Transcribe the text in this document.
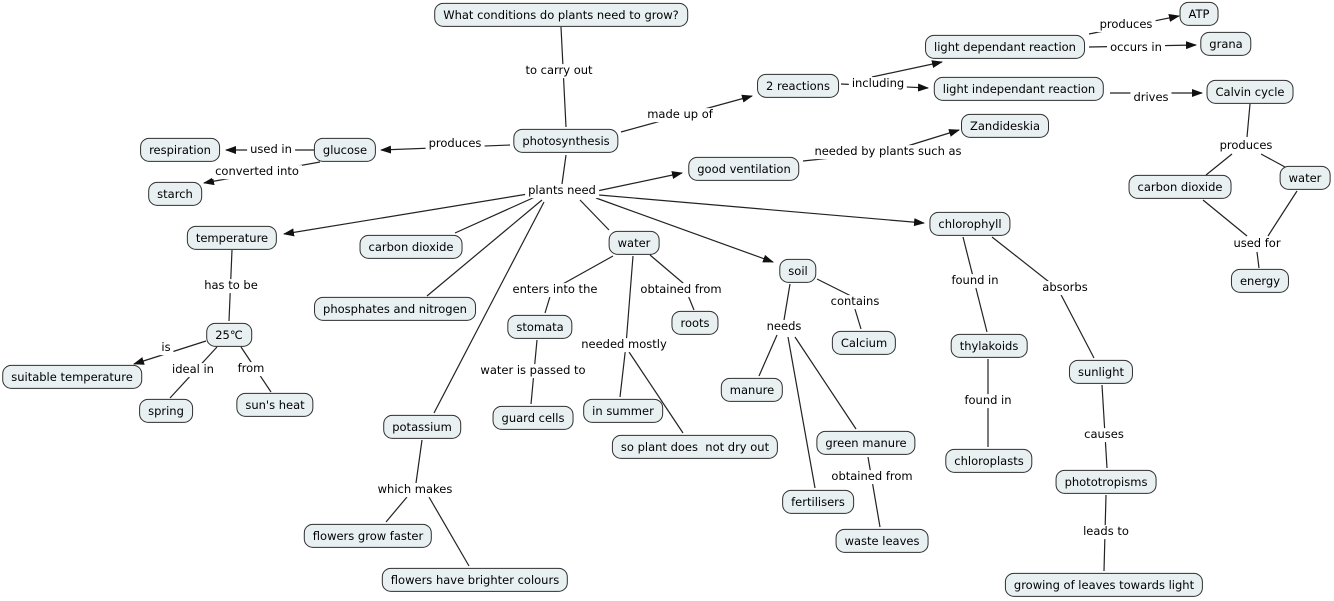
What conditions do plants need to grow?
photosynthesis
glucose
respiration
starch
2 reactions
light dependant reaction
ATP
grana
light independant reaction	Calvin cycle
Zandideskia
good ventilation
carbon dioxide
water
energy
chlorophyll
temperature
carbon dioxide	water
soil
phosphates and nitrogen
25℃
suitable temperature
spring	sun's heat
stomata	roots
guard cells	in summer
so plant does  not dry out
Calcium
manure
green manure
fertilisers
waste leaves
thylakoids
sunlight
chloroplasts
phototropisms
growing of leaves towards light
potassium
flowers grow faster
flowers have brighter colours
to carry out
produces
used in
converted into
made up of
including
produces
occurs in
drives
produces
used for
needed by plants such as
plants need
has to be
is
ideal in from
enters into the	obtained from
needed mostly
water is passed to
contains
needs
obtained from
found in	absorbs
found in
causes
leads to
which makes
